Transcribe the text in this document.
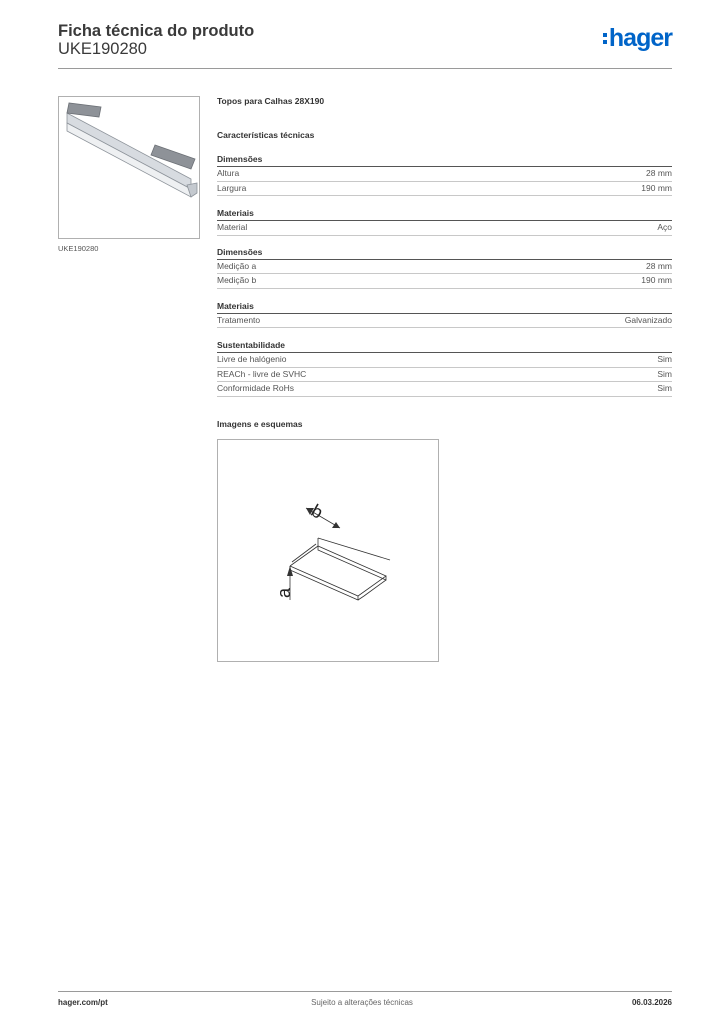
Ficha técnica do produto
UKE190280	hager
UKE190280
Topos para Calhas 28X190
Características técnicas
Dimensões
Altura	28 mm
Largura	190 mm
Materiais
Material	Aço
Dimensões
Medição a	28 mm
Medição b	190 mm
Materiais
Tratamento	Galvanizado
Sustentabilidade
Livre de halógenio	Sim
REACh - livre de SVHC	Sim
Conformidade RoHs	Sim
Imagens e esquemas
b
a
hager.com/pt	Sujeito a alterações técnicas	06.03.2026
